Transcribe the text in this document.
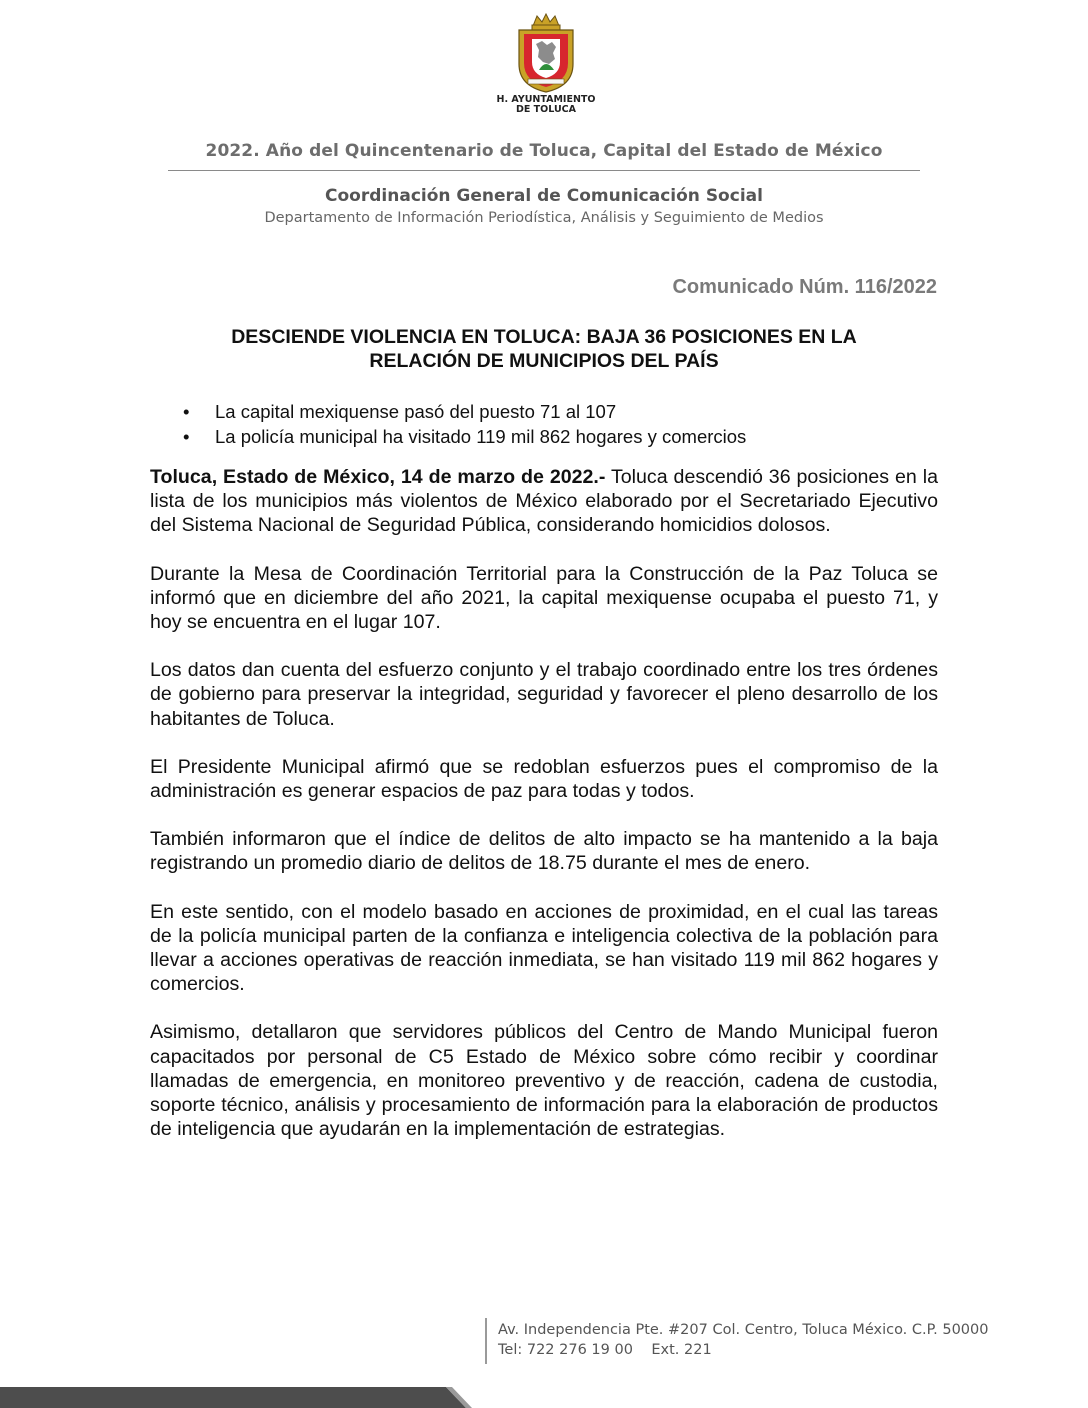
H. AYUNTAMIENTO
DE TOLUCA
2022. Año del Quincentenario de Toluca, Capital del Estado de México
Coordinación General de Comunicación Social
Departamento de Información Periodística, Análisis y Seguimiento de Medios
Comunicado Núm. 116/2022
DESCIENDE VIOLENCIA EN TOLUCA: BAJA 36 POSICIONES EN LA
RELACIÓN DE MUNICIPIOS DEL PAÍS
• La capital mexiquense pasó del puesto 71 al 107
• La policía municipal ha visitado 119 mil 862 hogares y comercios

Toluca, Estado de México, 14 de marzo de 2022.- Toluca descendió 36 posiciones en la lista de los municipios más violentos de México elaborado por el Secretariado Ejecutivo del Sistema Nacional de Seguridad Pública, considerando homicidios dolosos.

Durante la Mesa de Coordinación Territorial para la Construcción de la Paz Toluca se informó que en diciembre del año 2021, la capital mexiquense ocupaba el puesto 71, y hoy se encuentra en el lugar 107.

Los datos dan cuenta del esfuerzo conjunto y el trabajo coordinado entre los tres órdenes de gobierno para preservar la integridad, seguridad y favorecer el pleno desarrollo de los habitantes de Toluca.

El Presidente Municipal afirmó que se redoblan esfuerzos pues el compromiso de la administración es generar espacios de paz para todas y todos.

También informaron que el índice de delitos de alto impacto se ha mantenido a la baja registrando un promedio diario de delitos de 18.75 durante el mes de enero.

En este sentido, con el modelo basado en acciones de proximidad, en el cual las tareas de la policía municipal parten de la confianza e inteligencia colectiva de la población para llevar a acciones operativas de reacción inmediata, se han visitado 119 mil 862 hogares y comercios.

Asimismo, detallaron que servidores públicos del Centro de Mando Municipal fueron capacitados por personal de C5 Estado de México sobre cómo recibir y coordinar llamadas de emergencia, en monitoreo preventivo y de reacción, cadena de custodia, soporte técnico, análisis y procesamiento de información para la elaboración de productos de inteligencia que ayudarán en la implementación de estrategias.

Av. Independencia Pte. #207 Col. Centro, Toluca México. C.P. 50000
Tel: 722 276 19 00    Ext. 221
